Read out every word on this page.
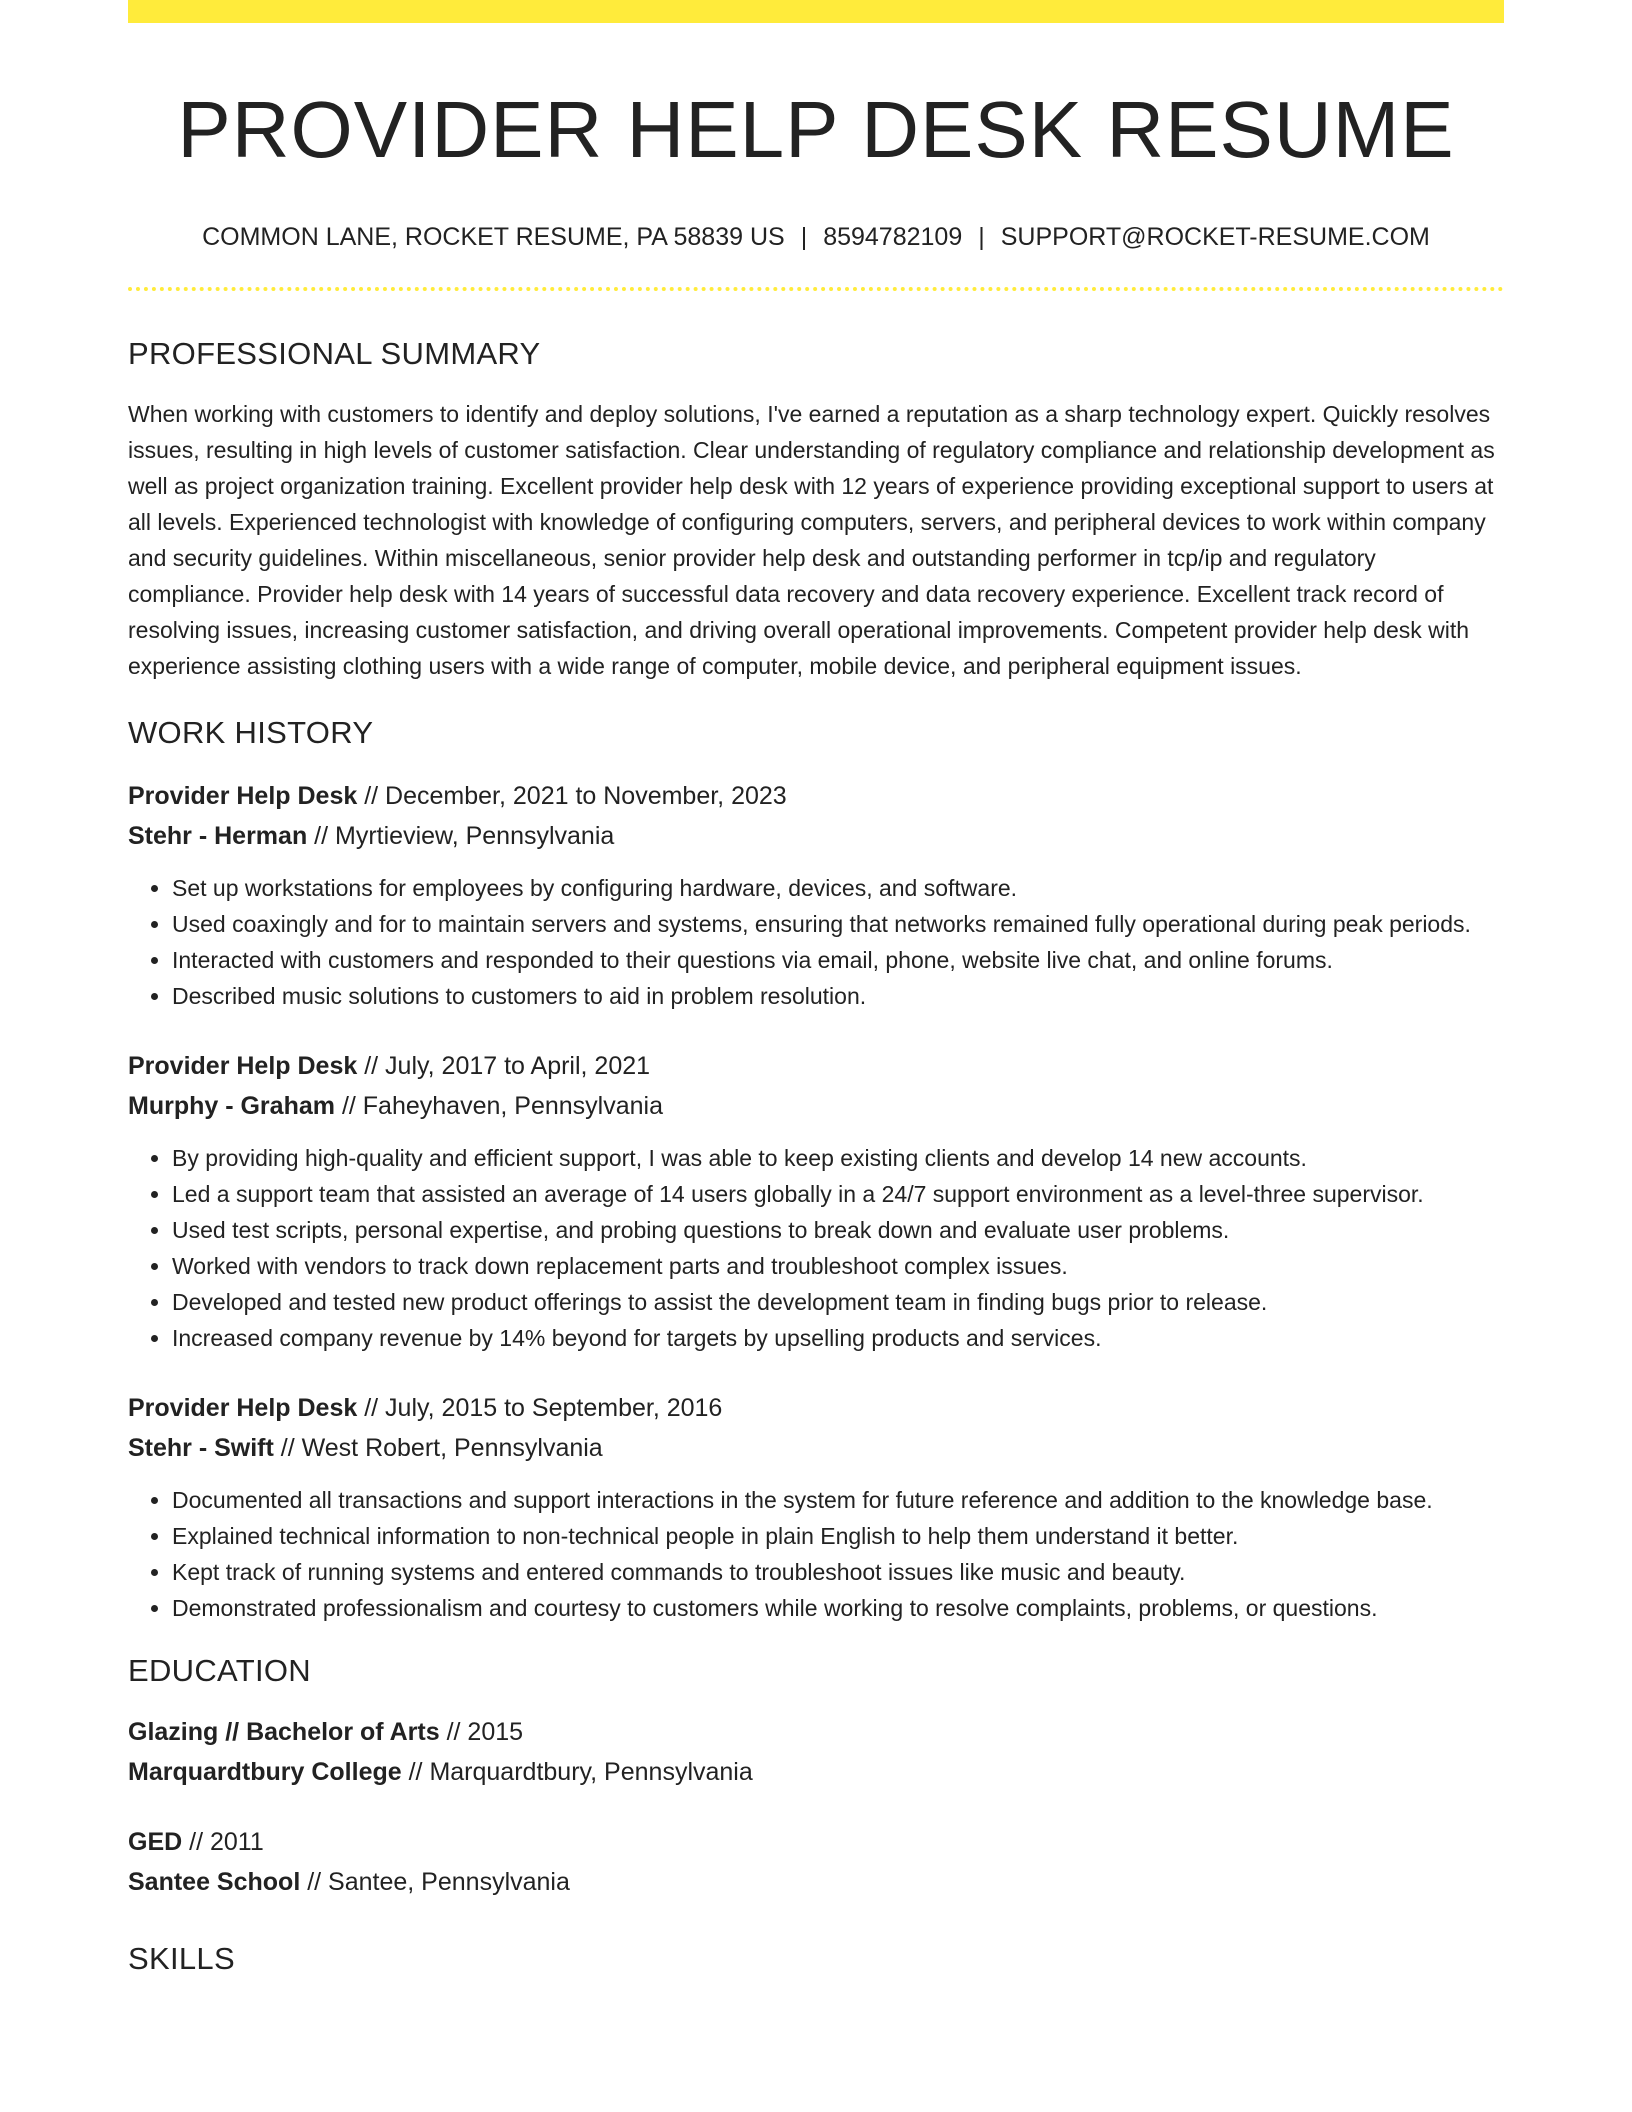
PROVIDER HELP DESK RESUME
COMMON LANE, ROCKET RESUME, PA 58839 US | 8594782109 | SUPPORT@ROCKET-RESUME.COM
PROFESSIONAL SUMMARY

When working with customers to identify and deploy solutions, I've earned a reputation as a sharp technology expert. Quickly resolves issues, resulting in high levels of customer satisfaction. Clear understanding of regulatory compliance and relationship development as well as project organization training. Excellent provider help desk with 12 years of experience providing exceptional support to users at all levels. Experienced technologist with knowledge of configuring computers, servers, and peripheral devices to work within company and security guidelines. Within miscellaneous, senior provider help desk and outstanding performer in tcp/ip and regulatory compliance. Provider help desk with 14 years of successful data recovery and data recovery experience. Excellent track record of resolving issues, increasing customer satisfaction, and driving overall operational improvements. Competent provider help desk with experience assisting clothing users with a wide range of computer, mobile device, and peripheral equipment issues.

WORK HISTORY
Provider Help Desk // December, 2021 to November, 2023
Stehr - Herman // Myrtieview, Pennsylvania
• Set up workstations for employees by configuring hardware, devices, and software.
• Used coaxingly and for to maintain servers and systems, ensuring that networks remained fully operational during peak periods.
• Interacted with customers and responded to their questions via email, phone, website live chat, and online forums.
• Described music solutions to customers to aid in problem resolution.
Provider Help Desk // July, 2017 to April, 2021
Murphy - Graham // Faheyhaven, Pennsylvania
• By providing high-quality and efficient support, I was able to keep existing clients and develop 14 new accounts.
• Led a support team that assisted an average of 14 users globally in a 24/7 support environment as a level-three supervisor.
• Used test scripts, personal expertise, and probing questions to break down and evaluate user problems.
• Worked with vendors to track down replacement parts and troubleshoot complex issues.
• Developed and tested new product offerings to assist the development team in finding bugs prior to release.
• Increased company revenue by 14% beyond for targets by upselling products and services.
Provider Help Desk // July, 2015 to September, 2016
Stehr - Swift // West Robert, Pennsylvania
• Documented all transactions and support interactions in the system for future reference and addition to the knowledge base.
• Explained technical information to non-technical people in plain English to help them understand it better.
• Kept track of running systems and entered commands to troubleshoot issues like music and beauty.
• Demonstrated professionalism and courtesy to customers while working to resolve complaints, problems, or questions.
EDUCATION
Glazing // Bachelor of Arts // 2015
Marquardtbury College // Marquardtbury, Pennsylvania
GED // 2011
Santee School // Santee, Pennsylvania
SKILLS
